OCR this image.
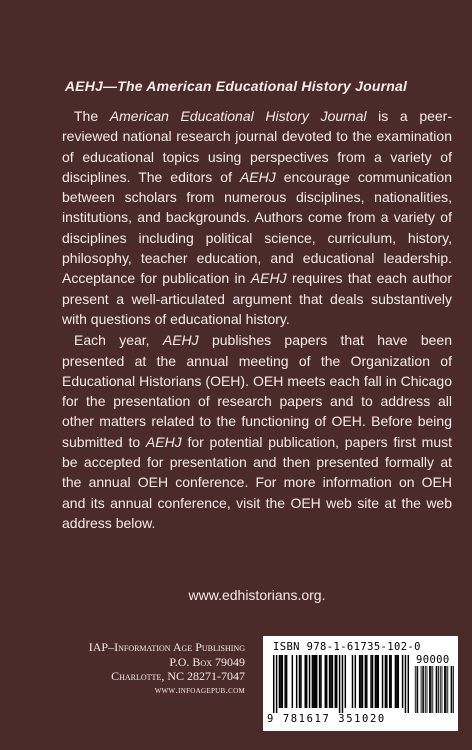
AEHJ—The American Educational History Journal

The American Educational History Journal is a peer-reviewed national research journal devoted to the examination of educational topics using perspectives from a variety of disciplines. The editors of AEHJ encourage communication between scholars from numerous disciplines, nationalities, institutions, and backgrounds. Authors come from a variety of disciplines including political science, curriculum, history, philosophy, teacher education, and educational leadership. Acceptance for publication in AEHJ requires that each author present a well-articulated argument that deals substantively with questions of educational history.

Each year, AEHJ publishes papers that have been presented at the annual meeting of the Organization of Educational Historians (OEH). OEH meets each fall in Chicago for the presentation of research papers and to address all other matters related to the functioning of OEH. Before being submitted to AEHJ for potential publication, papers first must be accepted for presentation and then presented formally at the annual OEH conference. For more information on OEH and its annual conference, visit the OEH web site at the web address below.

www.edhistorians.org.
IAP–Information Age Publishing
P.O. Box 79049
Charlotte, NC 28271-7047
www.infoagepub.com
ISBN 978-1-61735-102-0
90000
9 781617 351020
